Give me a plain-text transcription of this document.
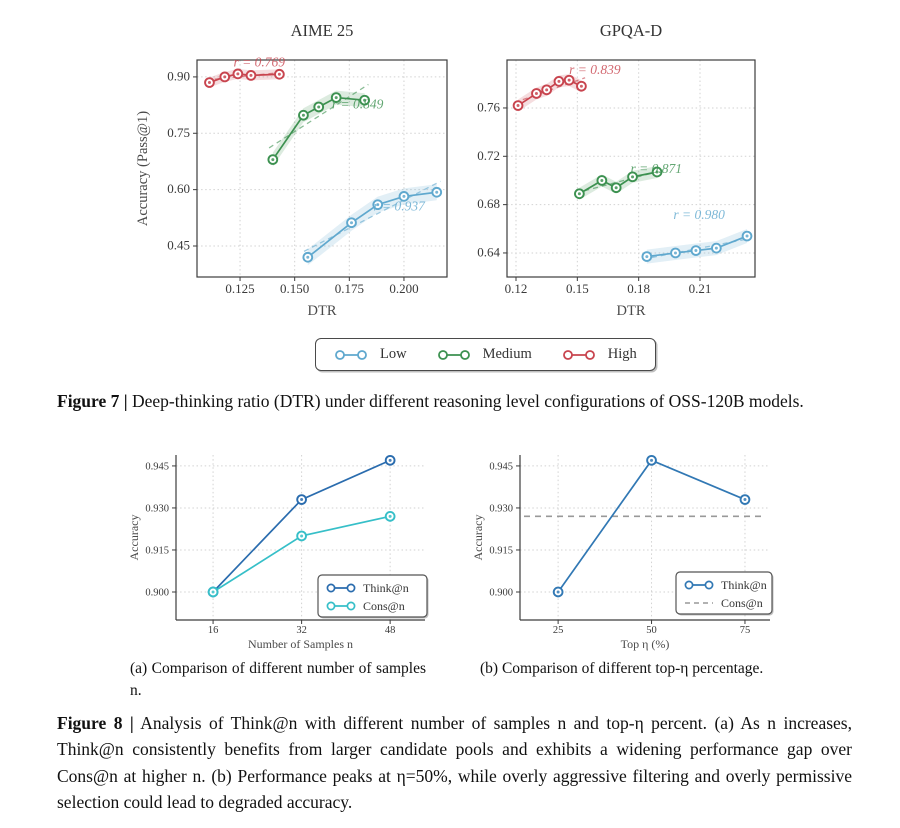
0.125 0.150 0.175 0.200
0.45
0.60
0.75
0.90
AIME 25
DTR
Accuracy (Pass@1)
r = 0.769
r = 0.849
r = 0.937
0.12	0.15	0.18	0.21
0.64
0.68
0.72
0.76
GPQA-D
DTR
r = 0.839
r = 0.871
r = 0.980
Low	Medium	High
Figure 7 | Deep-thinking ratio (DTR) under different reasoning level configurations of OSS-120B models.
16	32	48
0.900
0.915
0.930
0.945
Number of Samples n
Accuracy
Think@n
Cons@n
25	50	75
0.900
0.915
0.930
0.945
Top η (%)
Accuracy
Think@n
Cons@n
(a) Comparison of different number of samples n.
(b) Comparison of different top-η percentage.
Figure 8 | Analysis of Think@n with different number of samples n and top-η percent. (a) As n increases, Think@n consistently benefits from larger candidate pools and exhibits a widening performance gap over Cons@n at higher n. (b) Performance peaks at η=50%, while overly aggressive filtering and overly permissive selection could lead to degraded accuracy.
